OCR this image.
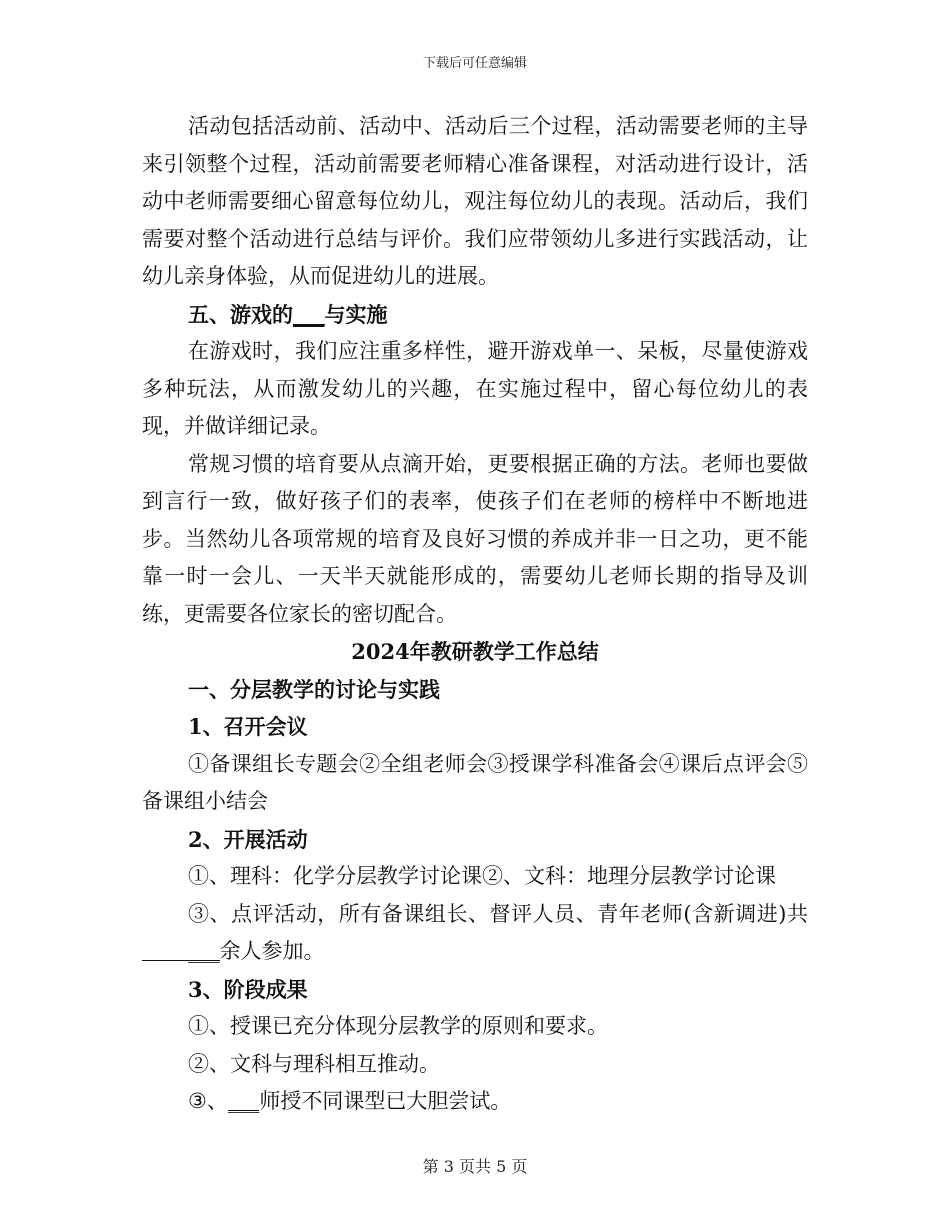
下载后可任意编辑

活动包括活动前、活动中、活动后三个过程，活动需要老师的主导来引领整个过程，活动前需要老师精心准备课程，对活动进行设计，活动中老师需要细心留意每位幼儿，观注每位幼儿的表现。活动后，我们需要对整个活动进行总结与评价。我们应带领幼儿多进行实践活动，让幼儿亲身体验，从而促进幼儿的进展。

五、游戏的___与实施

在游戏时，我们应注重多样性，避开游戏单一、呆板，尽量使游戏多种玩法，从而激发幼儿的兴趣，在实施过程中，留心每位幼儿的表现，并做详细记录。

常规习惯的培育要从点滴开始，更要根据正确的方法。老师也要做到言行一致，做好孩子们的表率，使孩子们在老师的榜样中不断地进步。当然幼儿各项常规的培育及良好习惯的养成并非一日之功，更不能靠一时一会儿、一天半天就能形成的，需要幼儿老师长期的指导及训练，更需要各位家长的密切配合。

2024年教研教学工作总结

一、分层教学的讨论与实践

1、召开会议

①备课组长专题会②全组老师会③授课学科准备会④课后点评会⑤备课组小结会

2、开展活动

①、理科：化学分层教学讨论课②、文科：地理分层教学讨论课

③、点评活动，所有备课组长、督评人员、青年老师(含新调进)共___余人参加。

3、阶段成果

①、授课已充分体现分层教学的原则和要求。

②、文科与理科相互推动。

③、___师授不同课型已大胆尝试。

第 3 页共 5 页
